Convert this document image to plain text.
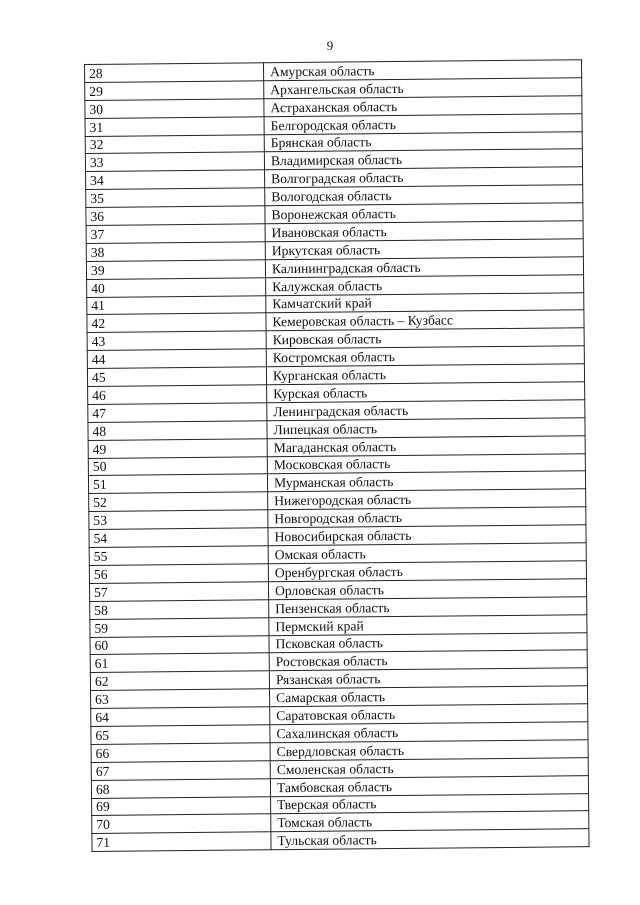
9
28	Амурская область
29	Архангельская область
30	Астраханская область
31	Белгородская область
32	Брянская область
33	Владимирская область
34	Волгоградская область
35	Вологодская область
36	Воронежская область
37	Ивановская область
38	Иркутская область
39	Калининградская область
40	Калужская область
41	Камчатский край
42	Кемеровская область – Кузбасс
43	Кировская область
44	Костромская область
45	Курганская область
46	Курская область
47	Ленинградская область
48	Липецкая область
49	Магаданская область
50	Московская область
51	Мурманская область
52	Нижегородская область
53	Новгородская область
54	Новосибирская область
55	Омская область
56	Оренбургская область
57	Орловская область
58	Пензенская область
59	Пермский край
60	Псковская область
61	Ростовская область
62	Рязанская область
63	Самарская область
64	Саратовская область
65	Сахалинская область
66	Свердловская область
67	Смоленская область
68	Тамбовская область
69	Тверская область
70	Томская область
71	Тульская область
